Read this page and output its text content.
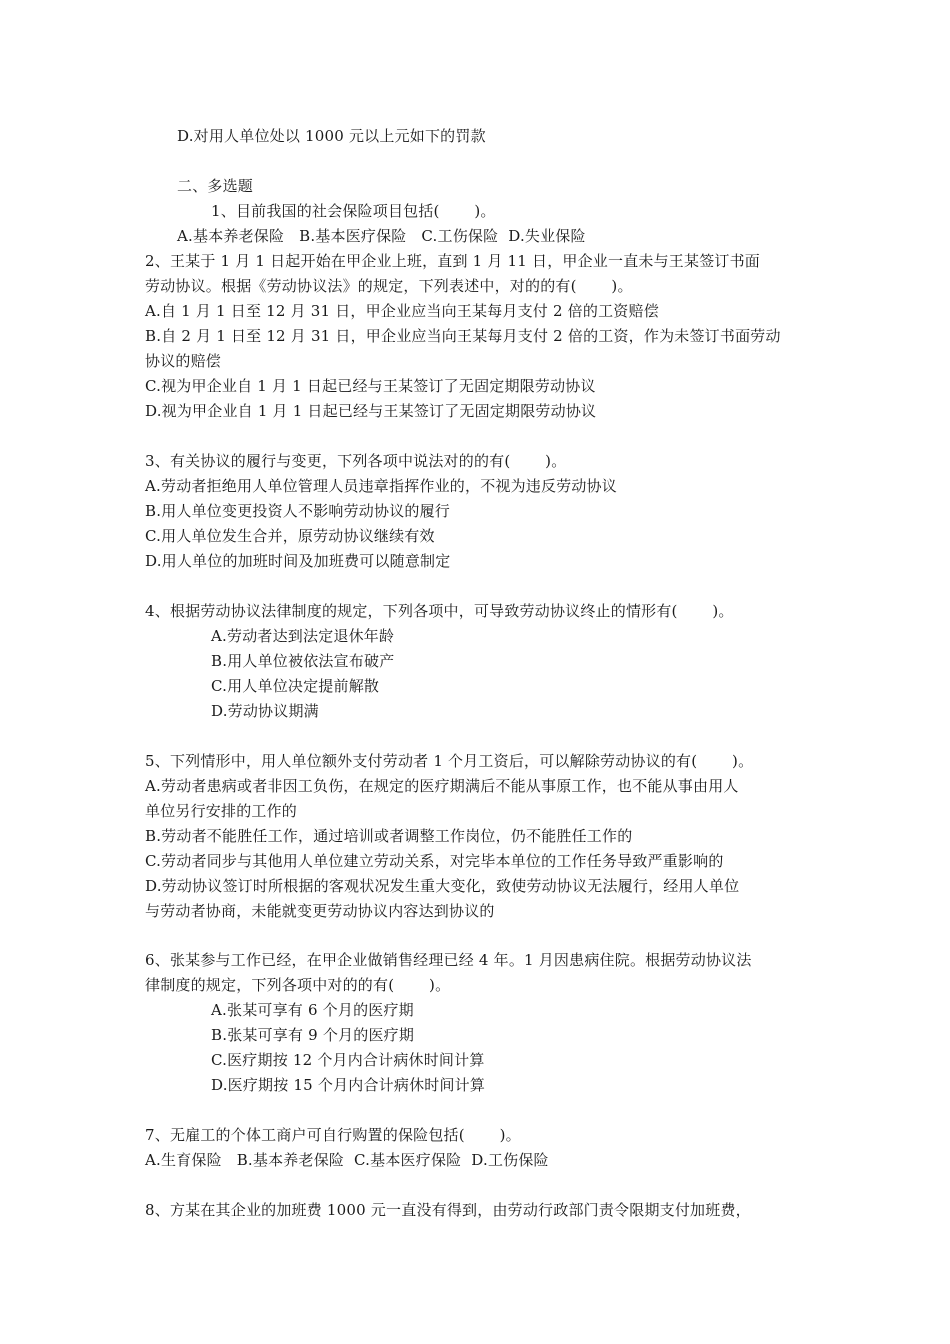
D.对用人单位处以 1000 元以上元如下的罚款

二、多选题

1、目前我国的社会保险项目包括(       )。

A.基本养老保险   B.基本医疗保险   C.工伤保险  D.失业保险

2、王某于 1 月 1 日起开始在甲企业上班，直到 1 月 11 日，甲企业一直未与王某签订书面

劳动协议。根据《劳动协议法》的规定，下列表述中，对的的有(       )。

A.自 1 月 1 日至 12 月 31 日，甲企业应当向王某每月支付 2 倍的工资赔偿

B.自 2 月 1 日至 12 月 31 日，甲企业应当向王某每月支付 2 倍的工资，作为未签订书面劳动

协议的赔偿

C.视为甲企业自 1 月 1 日起已经与王某签订了无固定期限劳动协议

D.视为甲企业自 1 月 1 日起已经与王某签订了无固定期限劳动协议

3、有关协议的履行与变更，下列各项中说法对的的有(       )。

A.劳动者拒绝用人单位管理人员违章指挥作业的，不视为违反劳动协议

B.用人单位变更投资人不影响劳动协议的履行

C.用人单位发生合并，原劳动协议继续有效

D.用人单位的加班时间及加班费可以随意制定

4、根据劳动协议法律制度的规定，下列各项中，可导致劳动协议终止的情形有(       )。

A.劳动者达到法定退休年龄

B.用人单位被依法宣布破产

C.用人单位决定提前解散

D.劳动协议期满

5、下列情形中，用人单位额外支付劳动者 1 个月工资后，可以解除劳动协议的有(       )。

A.劳动者患病或者非因工负伤，在规定的医疗期满后不能从事原工作，也不能从事由用人

单位另行安排的工作的

B.劳动者不能胜任工作，通过培训或者调整工作岗位，仍不能胜任工作的

C.劳动者同步与其他用人单位建立劳动关系，对完毕本单位的工作任务导致严重影响的

D.劳动协议签订时所根据的客观状况发生重大变化，致使劳动协议无法履行，经用人单位

与劳动者协商，未能就变更劳动协议内容达到协议的

6、张某参与工作已经，在甲企业做销售经理已经 4 年。1 月因患病住院。根据劳动协议法

律制度的规定，下列各项中对的的有(       )。

A.张某可享有 6 个月的医疗期

B.张某可享有 9 个月的医疗期

C.医疗期按 12 个月内合计病休时间计算

D.医疗期按 15 个月内合计病休时间计算

7、无雇工的个体工商户可自行购置的保险包括(       )。

A.生育保险   B.基本养老保险  C.基本医疗保险  D.工伤保险

8、方某在其企业的加班费 1000 元一直没有得到，由劳动行政部门责令限期支付加班费，
